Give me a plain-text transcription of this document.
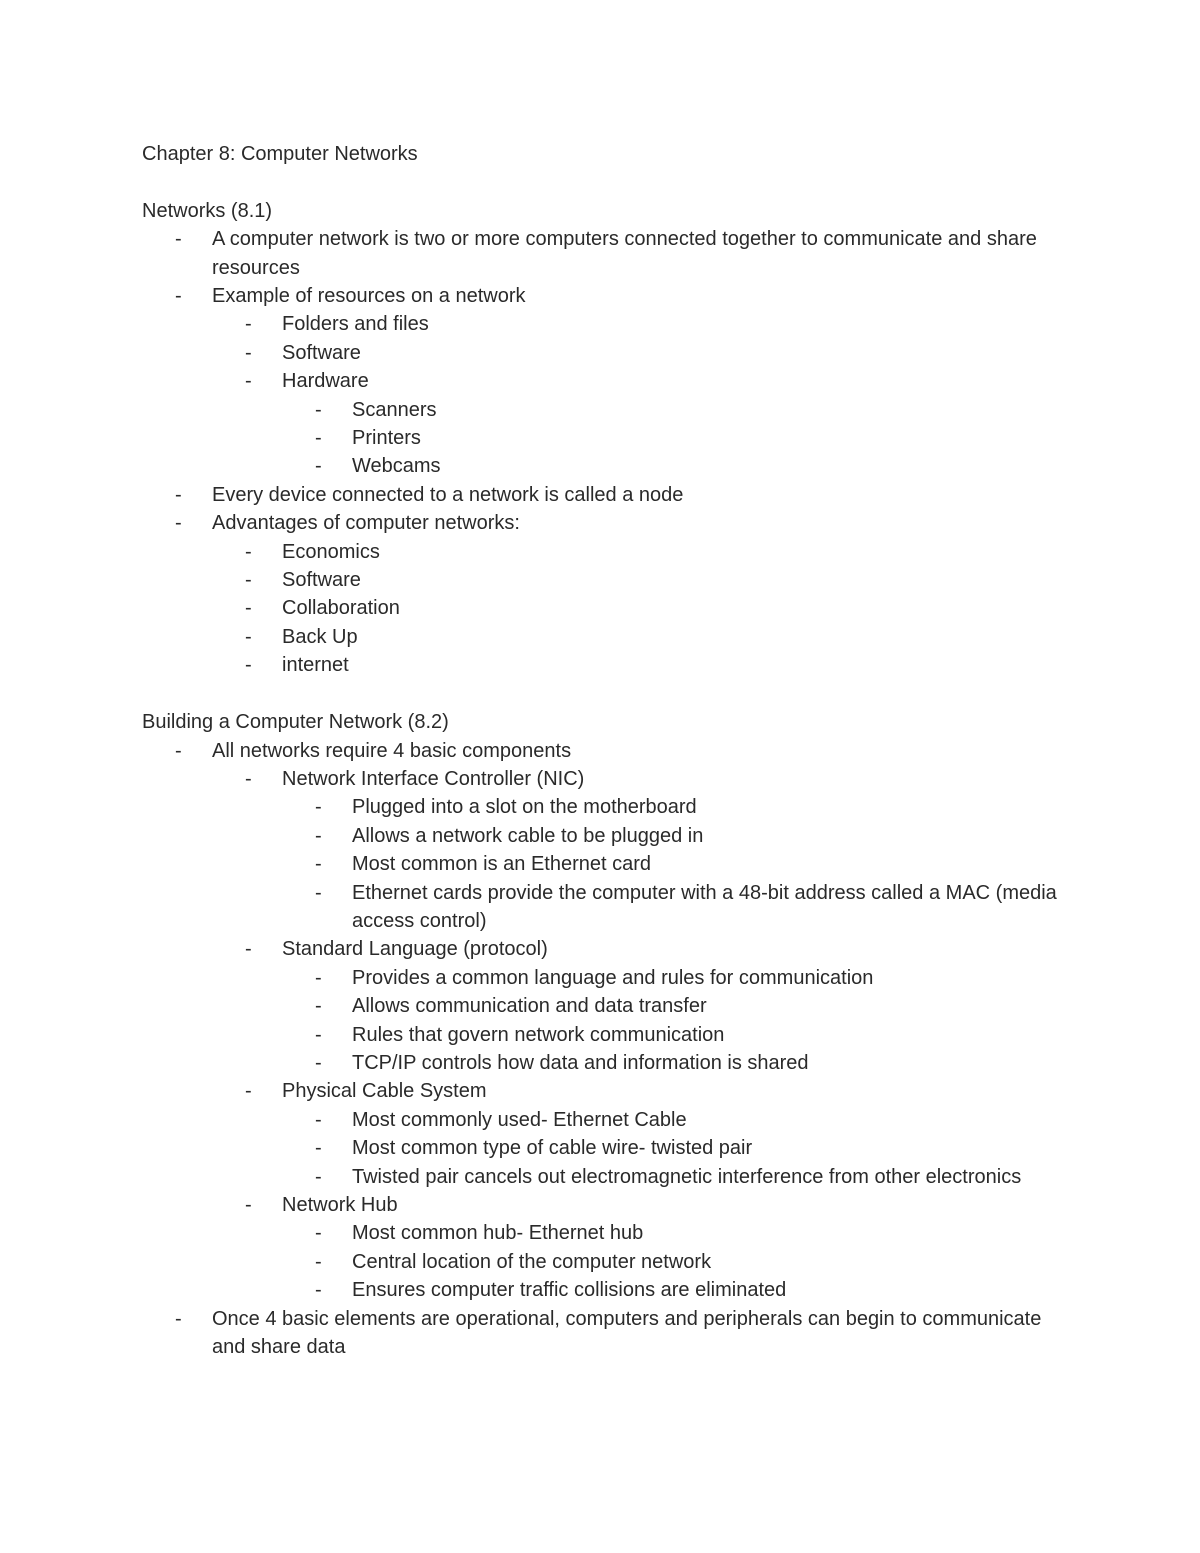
Chapter 8: Computer Networks
Networks (8.1)
- A computer network is two or more computers connected together to communicate and share resources
- Example of resources on a network
- Folders and files
- Software
- Hardware
- Scanners
- Printers
- Webcams
- Every device connected to a network is called a node
- Advantages of computer networks:
- Economics
- Software
- Collaboration
- Back Up
- internet
Building a Computer Network (8.2)
- All networks require 4 basic components
- Network Interface Controller (NIC)
- Plugged into a slot on the motherboard
- Allows a network cable to be plugged in
- Most common is an Ethernet card
- Ethernet cards provide the computer with a 48-bit address called a MAC (media access control)
- Standard Language (protocol)
- Provides a common language and rules for communication
- Allows communication and data transfer
- Rules that govern network communication
- TCP/IP controls how data and information is shared
- Physical Cable System
- Most commonly used- Ethernet Cable
- Most common type of cable wire- twisted pair
- Twisted pair cancels out electromagnetic interference from other electronics
- Network Hub
- Most common hub- Ethernet hub
- Central location of the computer network
- Ensures computer traffic collisions are eliminated
- Once 4 basic elements are operational, computers and peripherals can begin to communicate and share data
